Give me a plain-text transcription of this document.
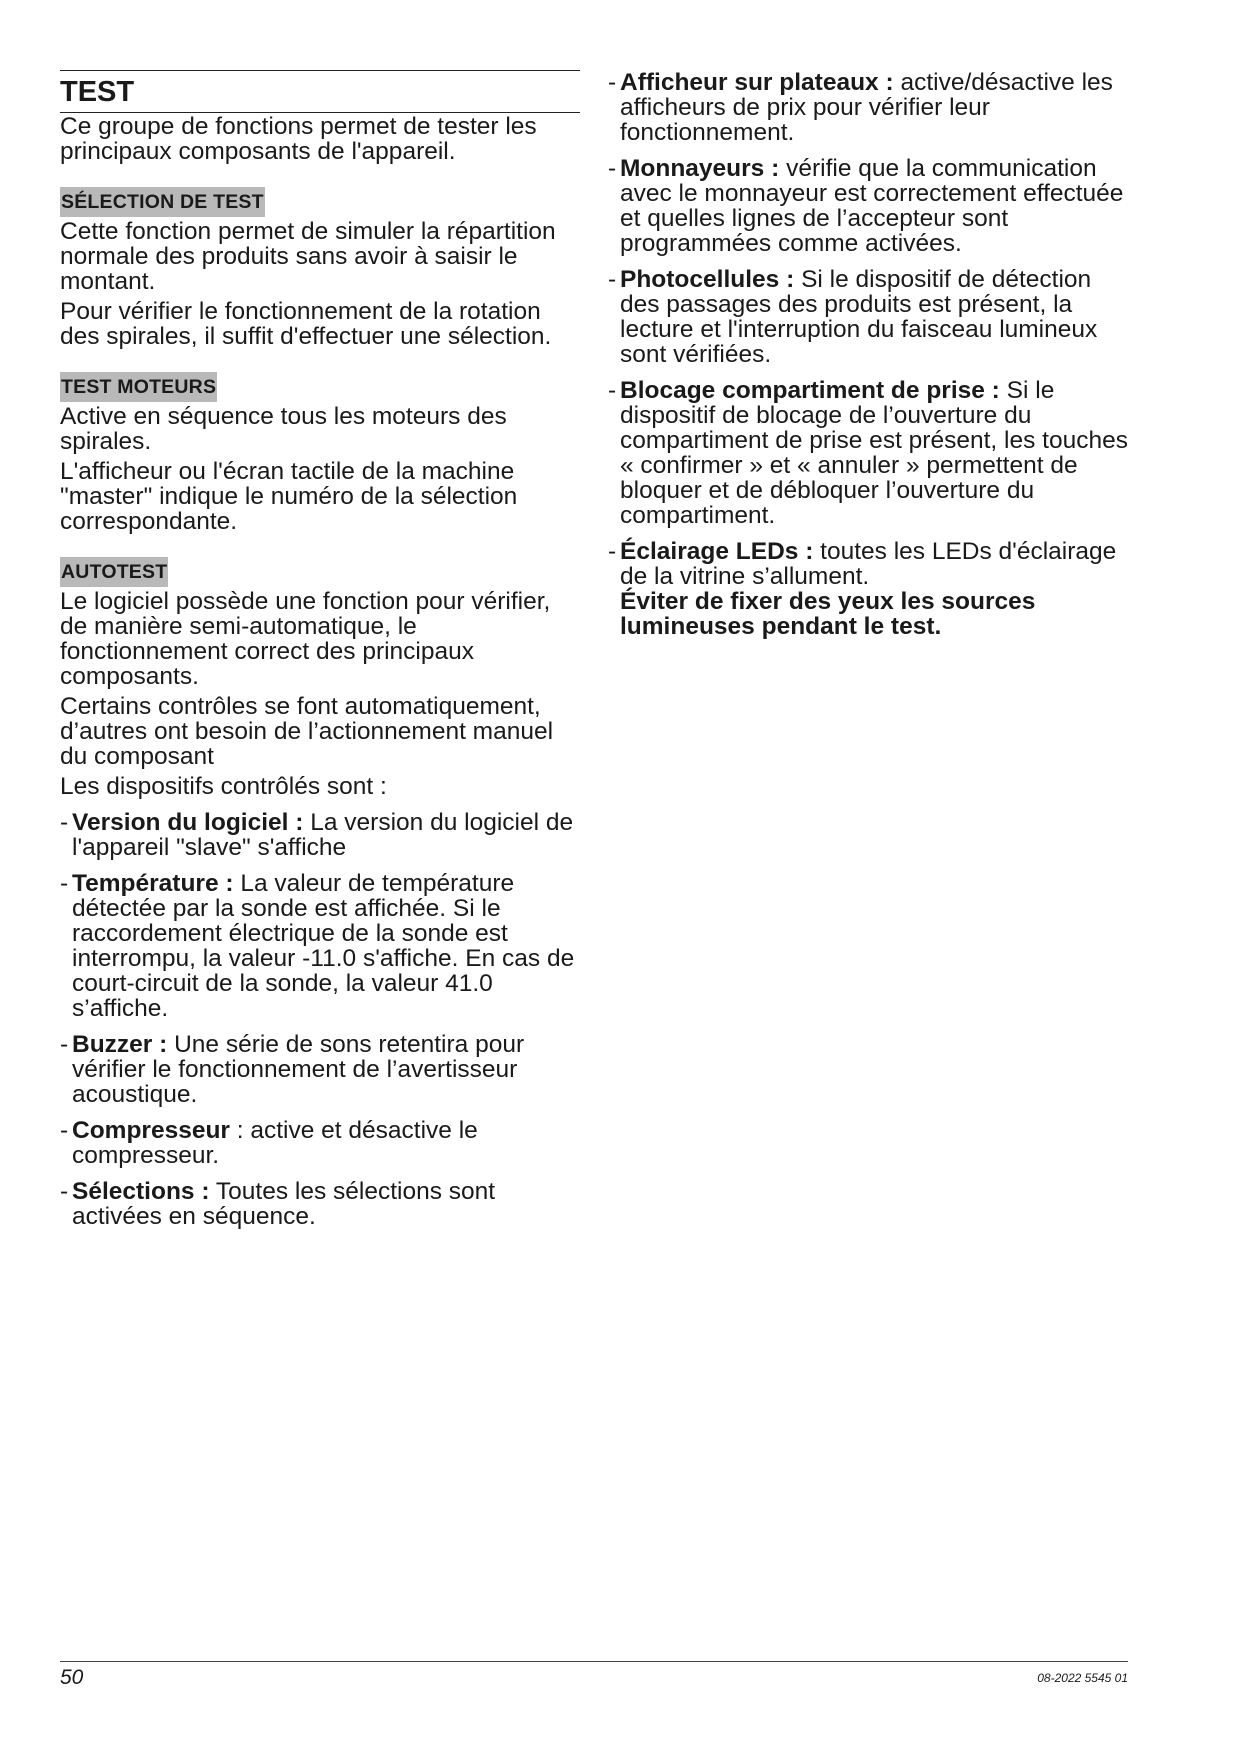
TEST

Ce groupe de fonctions permet de tester les principaux composants de l'appareil.

SÉLECTION DE TEST

Cette fonction permet de simuler la répartition normale des produits sans avoir à saisir le montant.

Pour vérifier le fonctionnement de la rotation des spirales, il suffit d'effectuer une sélection.

TEST MOTEURS

Active en séquence tous les moteurs des spirales.

L'afficheur ou l'écran tactile de la machine "master" indique le numéro de la sélection correspondante.

AUTOTEST

Le logiciel possède une fonction pour vérifier, de manière semi-automatique, le fonctionnement correct des principaux composants.

Certains contrôles se font automatiquement, d’autres ont besoin de l’actionnement manuel du composant

Les dispositifs contrôlés sont :

- Version du logiciel : La version du logiciel de l'appareil "slave" s'affiche
- Température : La valeur de température détectée par la sonde est affichée. Si le raccordement électrique de la sonde est interrompu, la valeur -11.0 s'affiche. En cas de court-circuit de la sonde, la valeur 41.0 s’affiche.
- Buzzer : Une série de sons retentira pour vérifier le fonctionnement de l’avertisseur acoustique.
- Compresseur : active et désactive le compresseur.
- Sélections : Toutes les sélections sont activées en séquence.
- Afficheur sur plateaux : active/désactive les afficheurs de prix pour vérifier leur fonctionnement.
- Monnayeurs : vérifie que la communication avec le monnayeur est correctement effectuée et quelles lignes de l’accepteur sont programmées comme activées.
- Photocellules : Si le dispositif de détection des passages des produits est présent, la lecture et l'interruption du faisceau lumineux sont vérifiées.
- Blocage compartiment de prise : Si le dispositif de blocage de l’ouverture du compartiment de prise est présent, les touches « confirmer » et « annuler » permettent de bloquer et de débloquer l’ouverture du compartiment.
- Éclairage LEDs : toutes les LEDs d'éclairage de la vitrine s’allument.
Éviter de fixer des yeux les sources lumineuses pendant le test.
50	08-2022 5545 01
